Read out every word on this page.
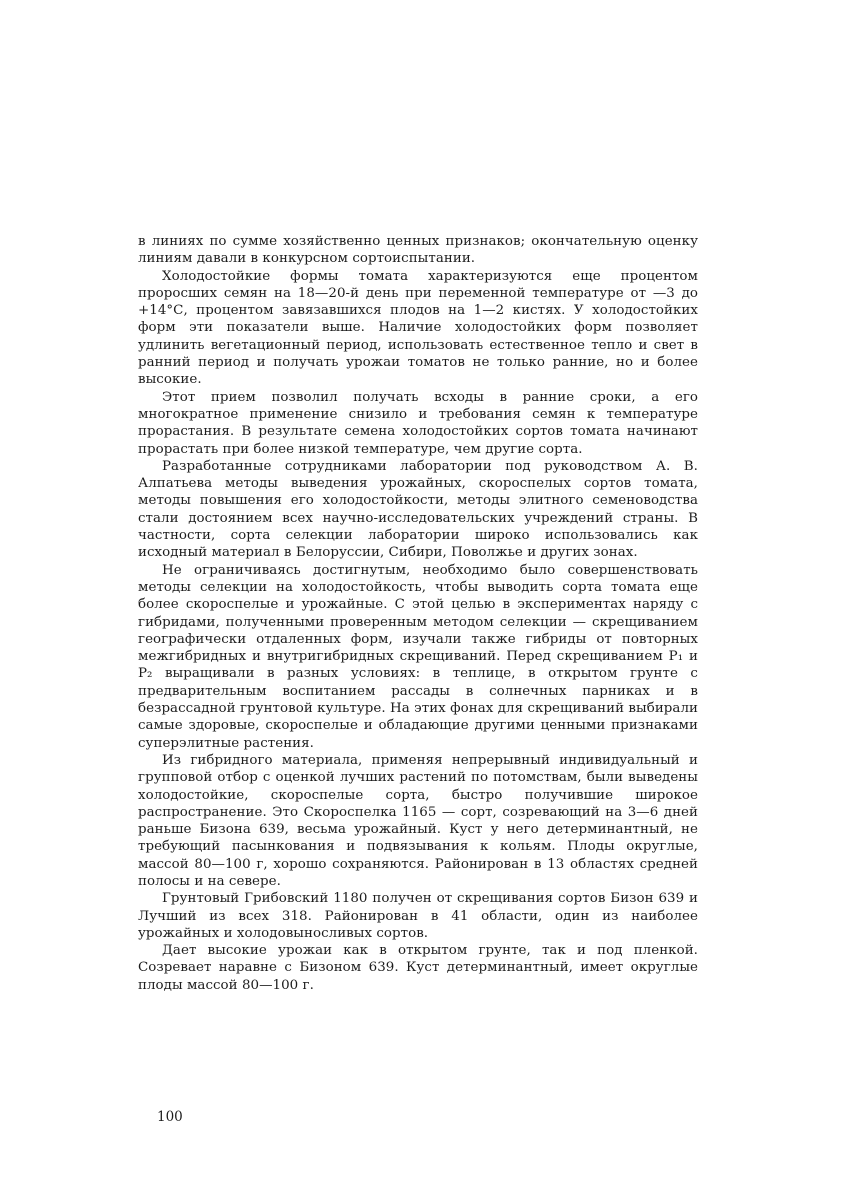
в линиях по сумме хозяйственно ценных признаков; окончательную оценку линиям давали в конкурсном сортоиспытании.

Холодостойкие формы томата характеризуются еще процентом проросших семян на 18—20-й день при переменной температуре от —3 до +14°С, процентом завязавшихся плодов на 1—2 кистях. У холодостойких форм эти показатели выше. Наличие холодостойких форм позволяет удлинить вегетационный период, использовать естественное тепло и свет в ранний период и получать урожаи томатов не только ранние, но и более высокие.

Этот прием позволил получать всходы в ранние сроки, а его многократное применение снизило и требования семян к температуре прорастания. В результате семена холодостойких сортов томата начинают прорастать при более низкой температуре, чем другие сорта.

Разработанные сотрудниками лаборатории под руководством А. В. Алпатьева методы выведения урожайных, скороспелых сортов томата, методы повышения его холодостойкости, методы элитного семеноводства стали достоянием всех научно-исследовательских учреждений страны. В частности, сорта селекции лаборатории широко использовались как исходный материал в Белоруссии, Сибири, Поволжье и других зонах.

Не ограничиваясь достигнутым, необходимо было совершенствовать методы селекции на холодостойкость, чтобы выводить сорта томата еще более скороспелые и урожайные. С этой целью в экспериментах наряду с гибридами, полученными проверенным методом селекции — скрещиванием географически отдаленных форм, изучали также гибриды от повторных межгибридных и внутригибридных скрещиваний. Перед скрещиванием P₁ и P₂ выращивали в разных условиях: в теплице, в открытом грунте с предварительным воспитанием рассады в солнечных парниках и в безрассадной грунтовой культуре. На этих фонах для скрещиваний выбирали самые здоровые, скороспелые и обладающие другими ценными признаками суперэлитные растения.

Из гибридного материала, применяя непрерывный индивидуальный и групповой отбор с оценкой лучших растений по потомствам, были выведены холодостойкие, скороспелые сорта, быстро получившие широкое распространение. Это Скороспелка 1165 — сорт, созревающий на 3—6 дней раньше Бизона 639, весьма урожайный. Куст у него детерминантный, не требующий пасынкования и подвязывания к кольям. Плоды округлые, массой 80—100 г, хорошо сохраняются. Районирован в 13 областях средней полосы и на севере.

Грунтовый Грибовский 1180 получен от скрещивания сортов Бизон 639 и Лучший из всех 318. Районирован в 41 области, один из наиболее урожайных и холодовыносливых сортов.

Дает высокие урожаи как в открытом грунте, так и под пленкой. Созревает наравне с Бизоном 639. Куст детерминантный, имеет округлые плоды массой 80—100 г.

100
